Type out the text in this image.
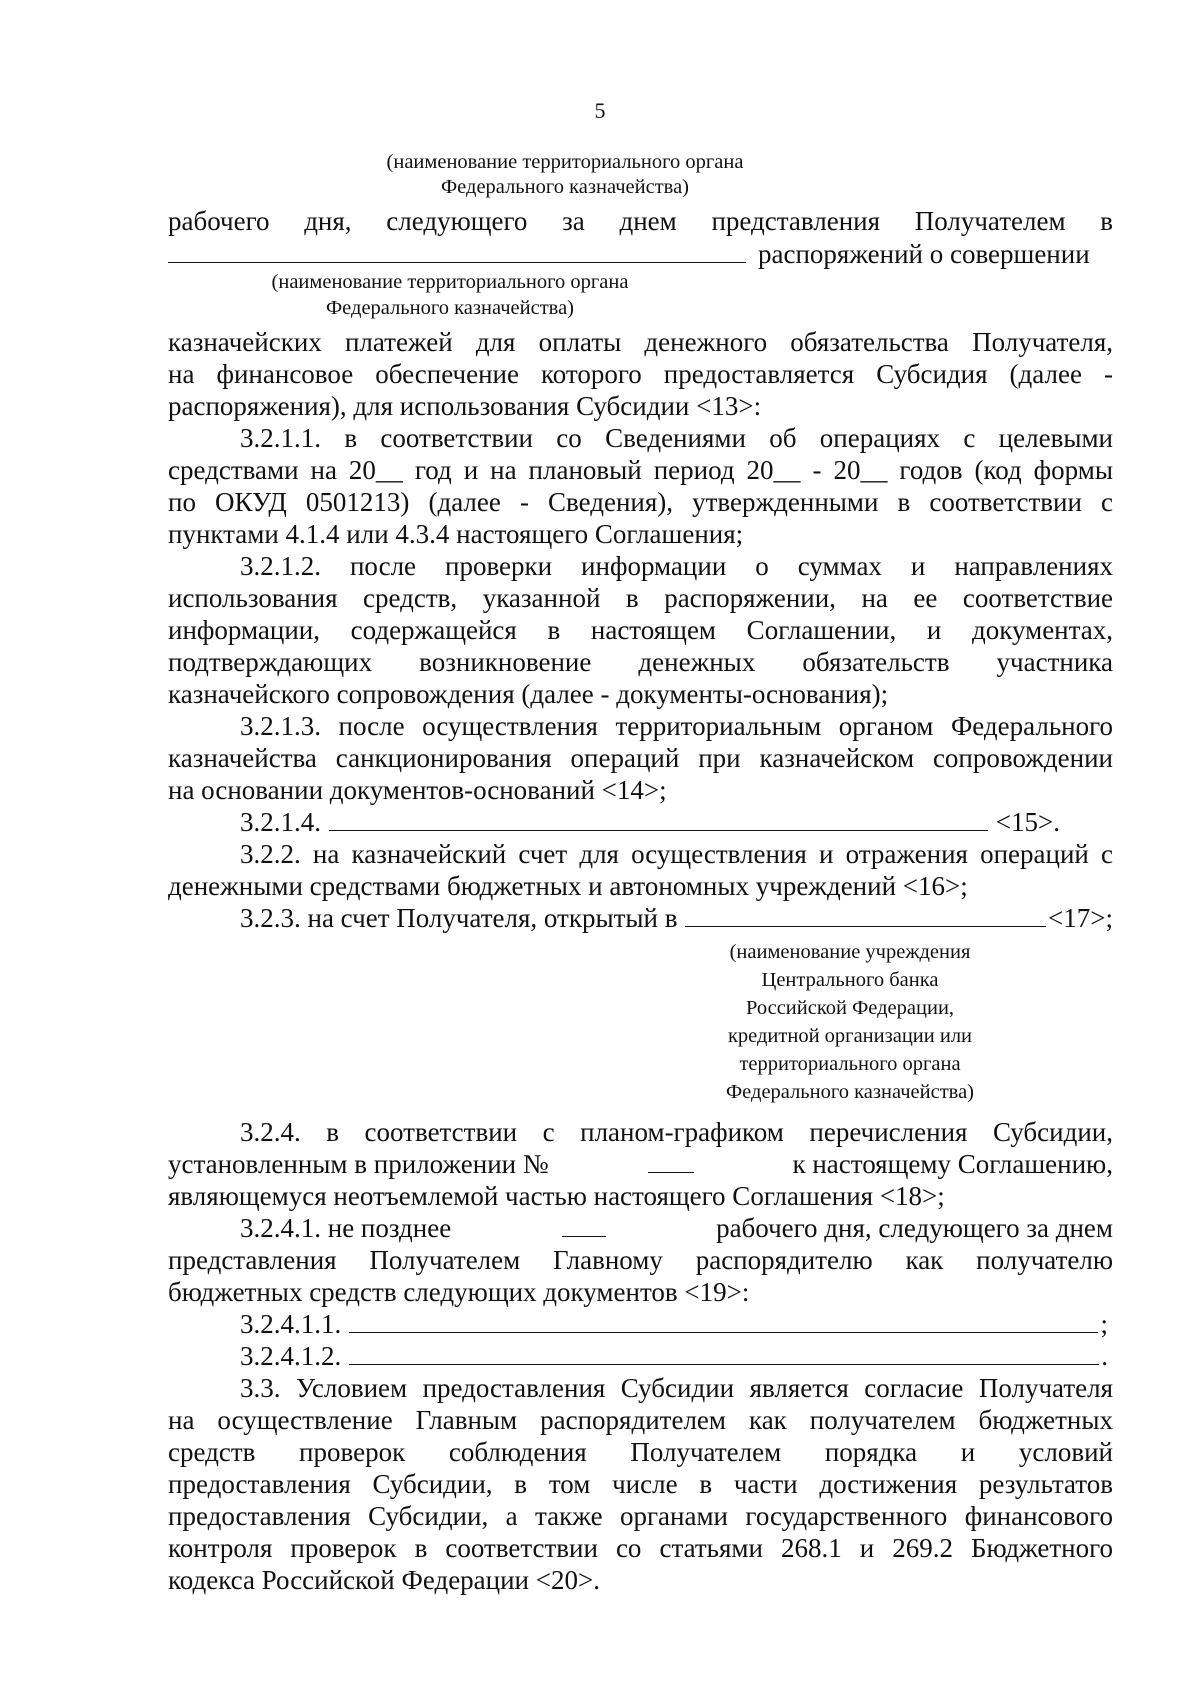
5
(наименование территориального органа
Федерального казначейства)
рабочего дня, следующего за днем представления Получателем в
распоряжений о совершении
(наименование территориального органа
Федерального казначейства)
казначейских платежей для оплаты денежного обязательства Получателя,
на финансовое обеспечение которого предоставляется Субсидия (далее -
распоряжения), для использования Субсидии <13>:
3.2.1.1. в соответствии со Сведениями об операциях с целевыми
средствами на 20__ год и на плановый период 20__ - 20__ годов (код формы
по ОКУД 0501213) (далее - Сведения), утвержденными в соответствии с
пунктами 4.1.4 или 4.3.4 настоящего Соглашения;
3.2.1.2. после проверки информации о суммах и направлениях
использования средств, указанной в распоряжении, на ее соответствие
информации, содержащейся в настоящем Соглашении, и документах,
подтверждающих возникновение денежных обязательств участника
казначейского сопровождения (далее - документы-основания);
3.2.1.3. после осуществления территориальным органом Федерального
казначейства санкционирования операций при казначейском сопровождении
на основании документов-оснований <14>;
3.2.1.4.	<15>.
3.2.2. на казначейский счет для осуществления и отражения операций с
денежными средствами бюджетных и автономных учреждений <16>;
3.2.3. на счет Получателя, открытый в	<17>;
(наименование учреждения
Центрального банка
Российской Федерации,
кредитной организации или
территориального органа
Федерального казначейства)
3.2.4. в соответствии с планом-графиком перечисления Субсидии,
установленным в приложении №	к настоящему Соглашению,
являющемуся неотъемлемой частью настоящего Соглашения <18>;
3.2.4.1. не позднее	рабочего дня, следующего за днем
представления Получателем Главному распорядителю как получателю
бюджетных средств следующих документов <19>:
3.2.4.1.1.	;
3.2.4.1.2.	.
3.3. Условием предоставления Субсидии является согласие Получателя
на осуществление Главным распорядителем как получателем бюджетных
средств проверок соблюдения Получателем порядка и условий
предоставления Субсидии, в том числе в части достижения результатов
предоставления Субсидии, а также органами государственного финансового
контроля проверок в соответствии со статьями 268.1 и 269.2 Бюджетного
кодекса Российской Федерации <20>.
